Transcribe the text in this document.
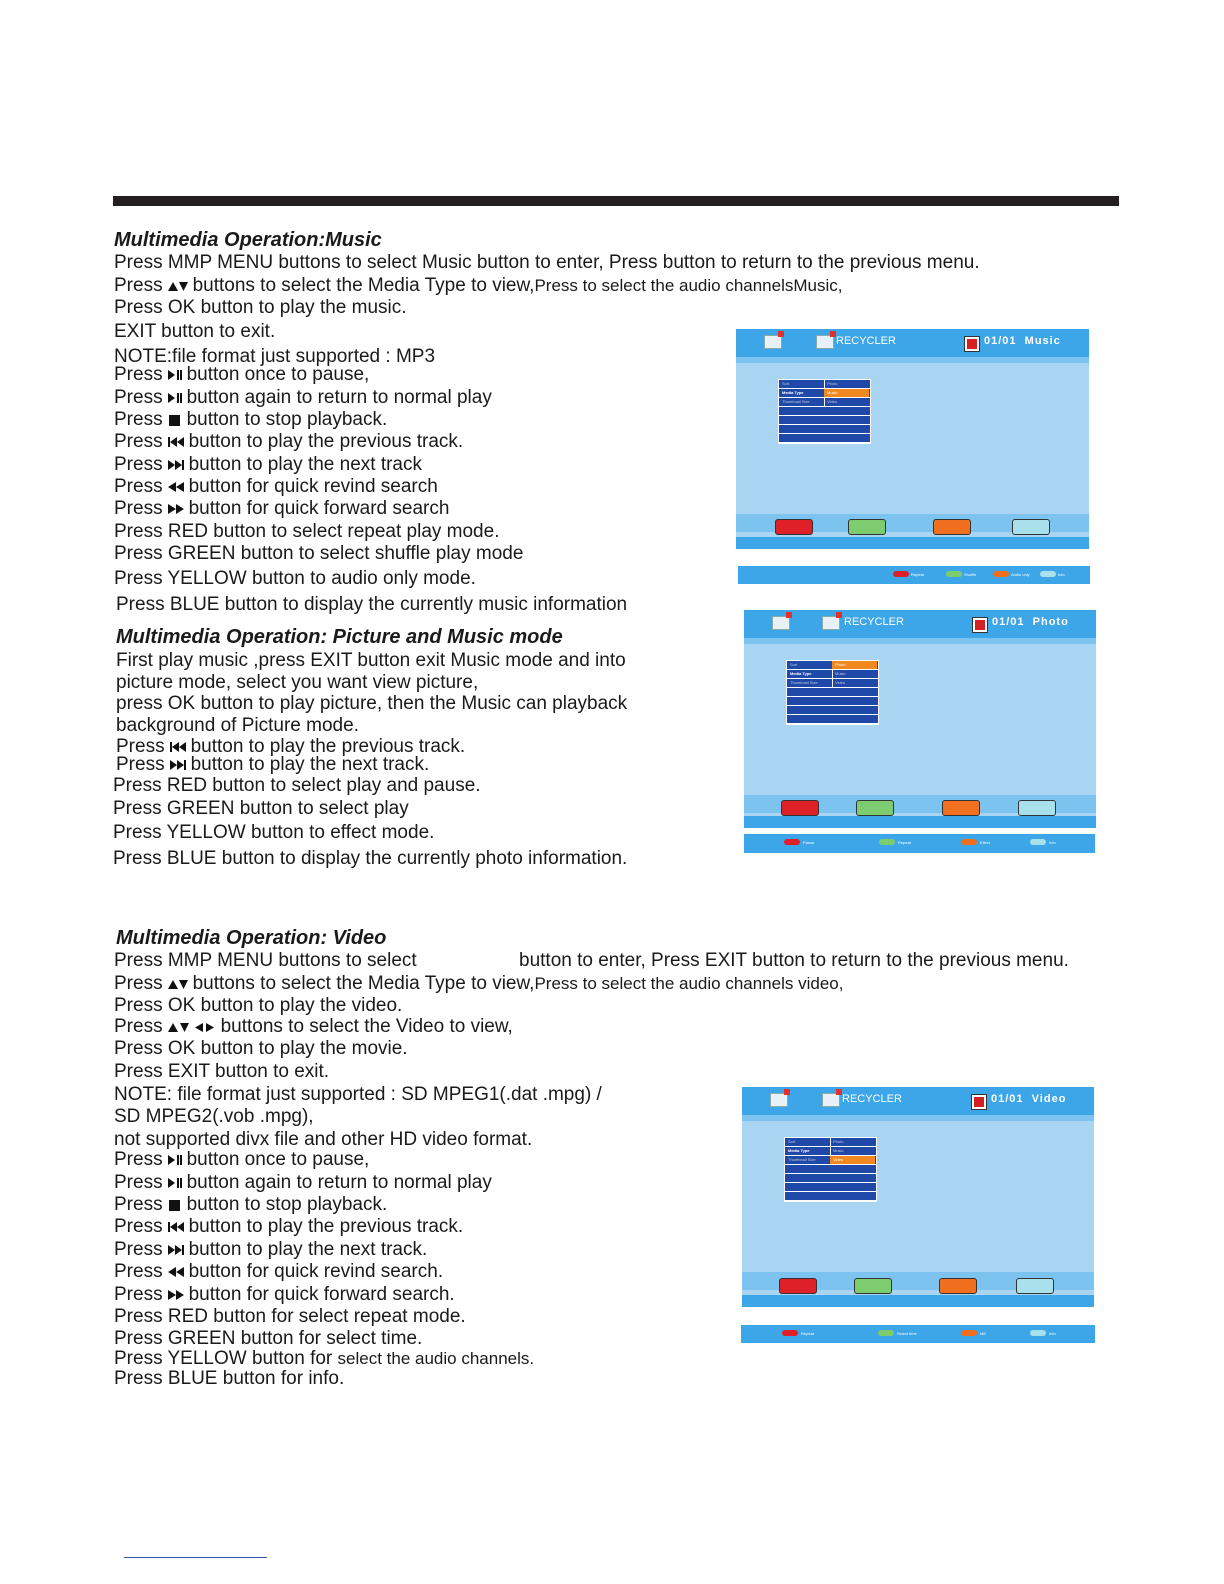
Multimedia Operation:Music
Press MMP MENU buttons to select Music button to enter, Press button to return to the previous menu.
Press buttons to select the Media Type to view,Press to select the audio channelsMusic,
Press OK button to play the music.
EXIT button to exit.
NOTE:file format just supported : MP3
Press button once to pause,
Press button again to return to normal play
Press button to stop playback.
Press button to play the previous track.
Press button to play the next track
Press button for quick revind search
Press button for quick forward search
Press RED button to select repeat play mode.
Press GREEN button to select shuffle play mode
Press YELLOW button to audio only mode.
Press BLUE button to display the currently music information
Multimedia Operation: Picture and Music mode
First play music ,press EXIT button exit Music mode and into
picture mode, select you want view picture,
press OK button to play picture, then the Music can playback
background of Picture mode.
Press button to play the previous track.
Press button to play the next track.
Press RED button to select play and pause.
Press GREEN button to select play
Press YELLOW button to effect mode.
Press BLUE button to display the currently photo information.
Multimedia Operation: Video
Press MMP MENU buttons to select	button to enter, Press EXIT button to return to the previous menu.
Press buttons to select the Media Type to view,Press to select the audio channels video,
Press OK button to play the video.
Press	buttons to select the Video to view,
Press OK button to play the movie.
Press EXIT button to exit.
NOTE: file format just supported : SD MPEG1(.dat .mpg) /
SD MPEG2(.vob .mpg),
not supported divx file and other HD video format.
Press button once to pause,
Press button again to return to normal play
Press button to stop playback.
Press button to play the previous track.
Press button to play the next track.
Press button for quick revind search.
Press button for quick forward search.
Press RED button for select repeat mode.
Press GREEN button for select time.
Press YELLOW button for select the audio channels.
Press BLUE button for info.
RECYCLER	01/01 Music
Sort	Photo
Media Type	Music
Thumbnail Size	Video
Repeat	Shuffle	Audio only	Info
RECYCLER	01/01 Photo
Sort	Photo
Media Type	Music
Thumbnail Size	Video
Pause	Repeat	Effect	Info
RECYCLER	01/01 Video
Sort	Photo
Media Type	Music
Thumbnail Size	Video
Repeat	Select time	ME	Info
